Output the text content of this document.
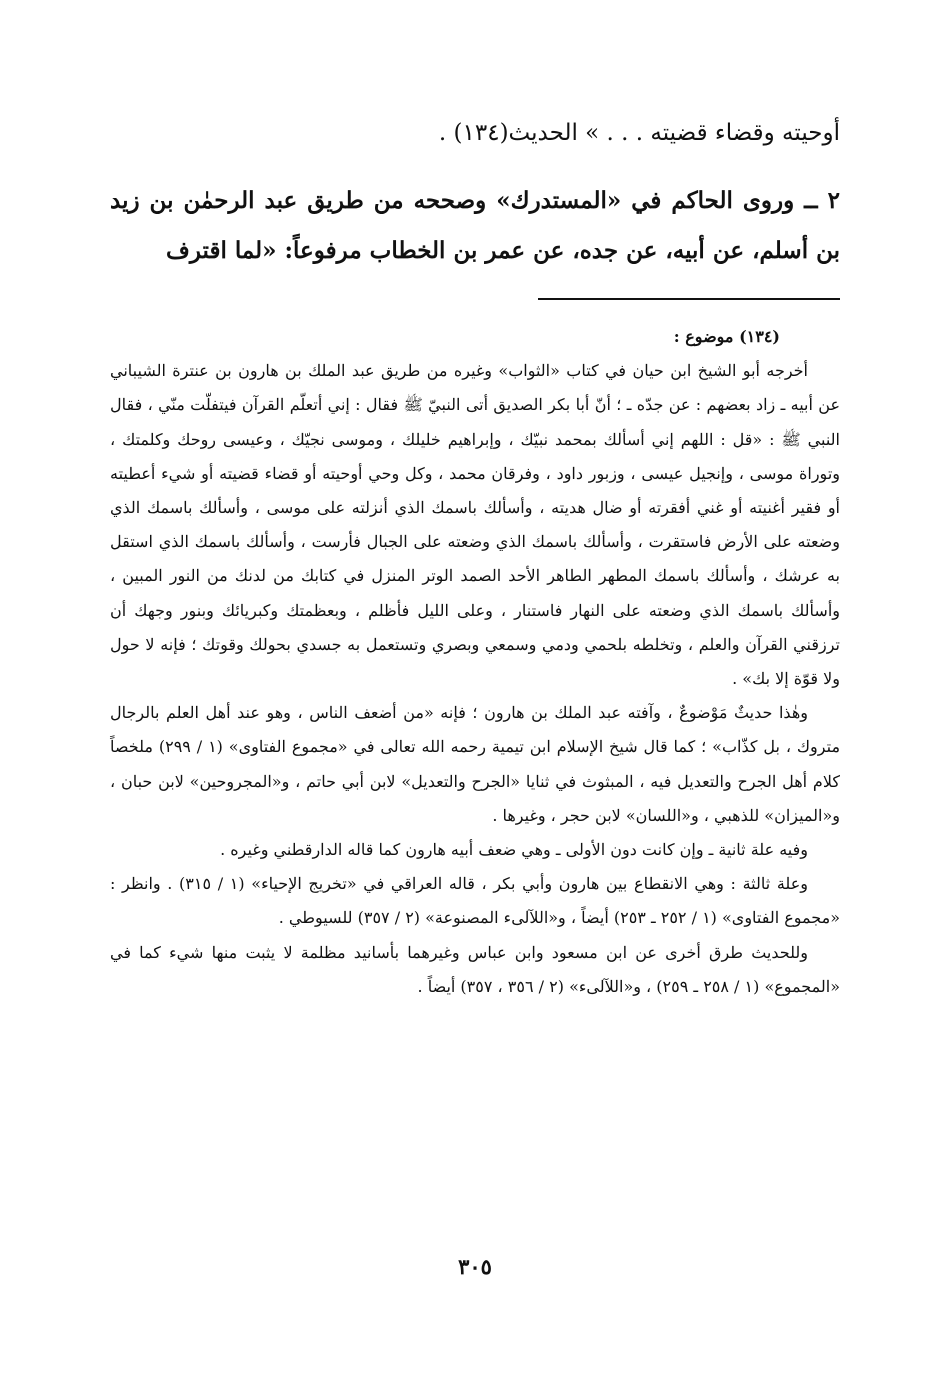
أوحيته وقضاء قضيته . . . » الحديث(١٣٤) .

٢ ــ وروى الحاكم في «المستدرك» وصححه من طريق عبد الرحمٰن بن زيد بن أسلم، عن أبيه، عن جده، عن عمر بن الخطاب مرفوعاً: «لما اقترف

(١٣٤) موضوع :

أخرجه أبو الشيخ ابن حيان في كتاب «الثواب» وغيره من طريق عبد الملك بن هارون بن عنترة الشيباني عن أبيه ـ زاد بعضهم : عن جدّه ـ ؛ أنّ أبا بكر الصديق أتى النبيّ ﷺ فقال : إني أتعلّم القرآن فيتفلّت منّي ، فقال النبي ﷺ : «قل : اللهم إني أسألك بمحمد نبيّك ، وإبراهيم خليلك ، وموسى نجيّك ، وعيسى روحك وكلمتك ، وتوراة موسى ، وإنجيل عيسى ، وزبور داود ، وفرقان محمد ، وكل وحي أوحيته أو قضاء قضيته أو شيء أعطيته أو فقير أغنيته أو غني أفقرته أو ضال هديته ، وأسألك باسمك الذي أنزلته على موسى ، وأسألك باسمك الذي وضعته على الأرض فاستقرت ، وأسألك باسمك الذي وضعته على الجبال فأرست ، وأسألك باسمك الذي استقل به عرشك ، وأسألك باسمك المطهر الطاهر الأحد الصمد الوتر المنزل في كتابك من لدنك من النور المبين ، وأسألك باسمك الذي وضعته على النهار فاستنار ، وعلى الليل فأظلم ، وبعظمتك وكبريائك وبنور وجهك أن ترزقني القرآن والعلم ، وتخلطه بلحمي ودمي وسمعي وبصري وتستعمل به جسدي بحولك وقوتك ؛ فإنه لا حول ولا قوّة إلا بك» .

وهٰذا حديثٌ مَوْضوعٌ ، وآفته عبد الملك بن هارون ؛ فإنه «من أضعف الناس ، وهو عند أهل العلم بالرجال متروك ، بل كذّاب» ؛ كما قال شيخ الإسلام ابن تيمية رحمه الله تعالى في «مجموع الفتاوى» (١ / ٢٩٩) ملخصاً كلام أهل الجرح والتعديل فيه ، المبثوث في ثنايا «الجرح والتعديل» لابن أبي حاتم ، و«المجروحين» لابن حبان ، و«الميزان» للذهبي ، و«اللسان» لابن حجر ، وغيرها .

وفيه علة ثانية ـ وإن كانت دون الأولى ـ وهي ضعف أبيه هارون كما قاله الدارقطني وغيره .

وعلة ثالثة : وهي الانقطاع بين هارون وأبي بكر ، قاله العراقي في «تخريج الإحياء» (١ / ٣١٥) . وانظر : «مجموع الفتاوى» (١ / ٢٥٢ ـ ٢٥٣) أيضاً ، و«اللآلىء المصنوعة» (٢ / ٣٥٧) للسيوطي .

وللحديث طرق أخرى عن ابن مسعود وابن عباس وغيرهما بأسانيد مظلمة لا يثبت منها شيء كما في «المجموع» (١ / ٢٥٨ ـ ٢٥٩) ، و«اللآلىء» (٢ / ٣٥٦ ، ٣٥٧) أيضاً .

٣٠٥
